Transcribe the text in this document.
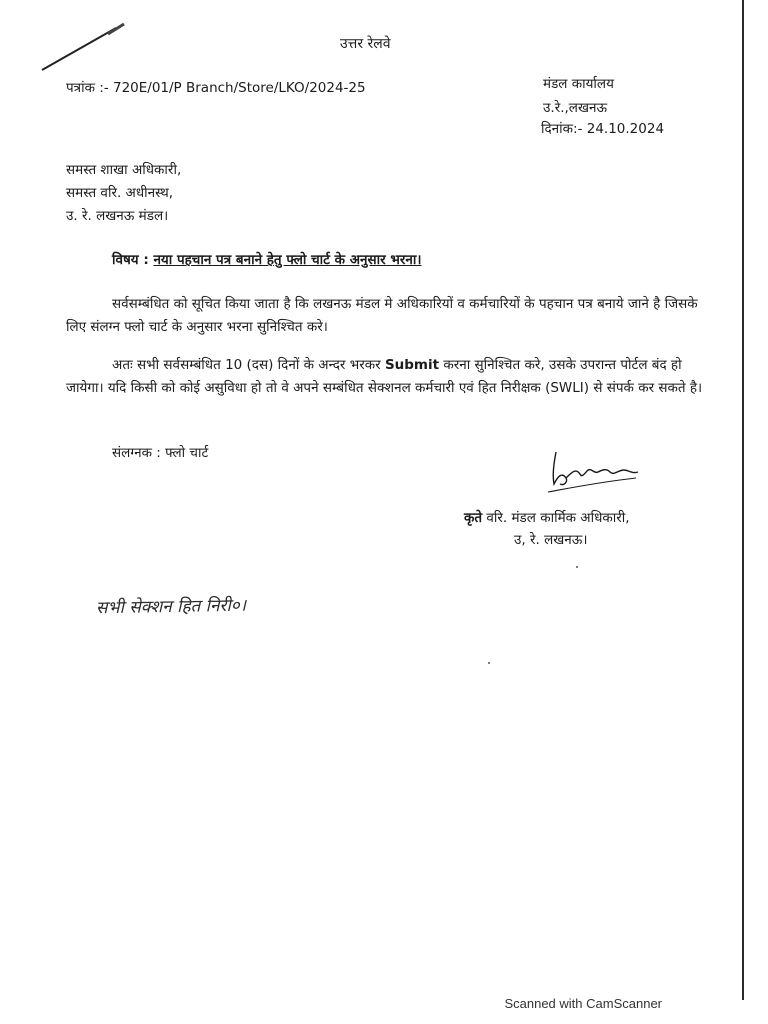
उत्तर रेलवे
पत्रांक :- 720E/01/P Branch/Store/LKO/2024-25	मंडल कार्यालय
उ.रे.,लखनऊ
दिनांक:- 24.10.2024
समस्त शाखा अधिकारी,
समस्त वरि. अधीनस्थ,
उ. रे. लखनऊ मंडल।
विषय : नया पहचान पत्र बनाने हेतु फ्लो चार्ट के अनुसार भरना।
सर्वसम्बंधित को सूचित किया जाता है कि लखनऊ मंडल मे अधिकारियों व कर्मचारियों के पहचान पत्र बनाये जाने है जिसके लिए संलग्न फ्लो चार्ट के अनुसार भरना सुनिश्चित करे।
अतः सभी सर्वसम्बंधित 10 (दस) दिनों के अन्दर भरकर Submit करना सुनिश्चित करे, उसके उपरान्त पोर्टल बंद हो जायेगा। यदि किसी को कोई असुविधा हो तो वे अपने सम्बंधित सेक्शनल कर्मचारी एवं हित निरीक्षक (SWLI) से संपर्क कर सकते है।
संलग्नक : फ्लो चार्ट
कृते वरि. मंडल कार्मिक अधिकारी,
उ, रे. लखनऊ।
सभी सेक्शन हित निरी०।
Scanned with CamScanner
